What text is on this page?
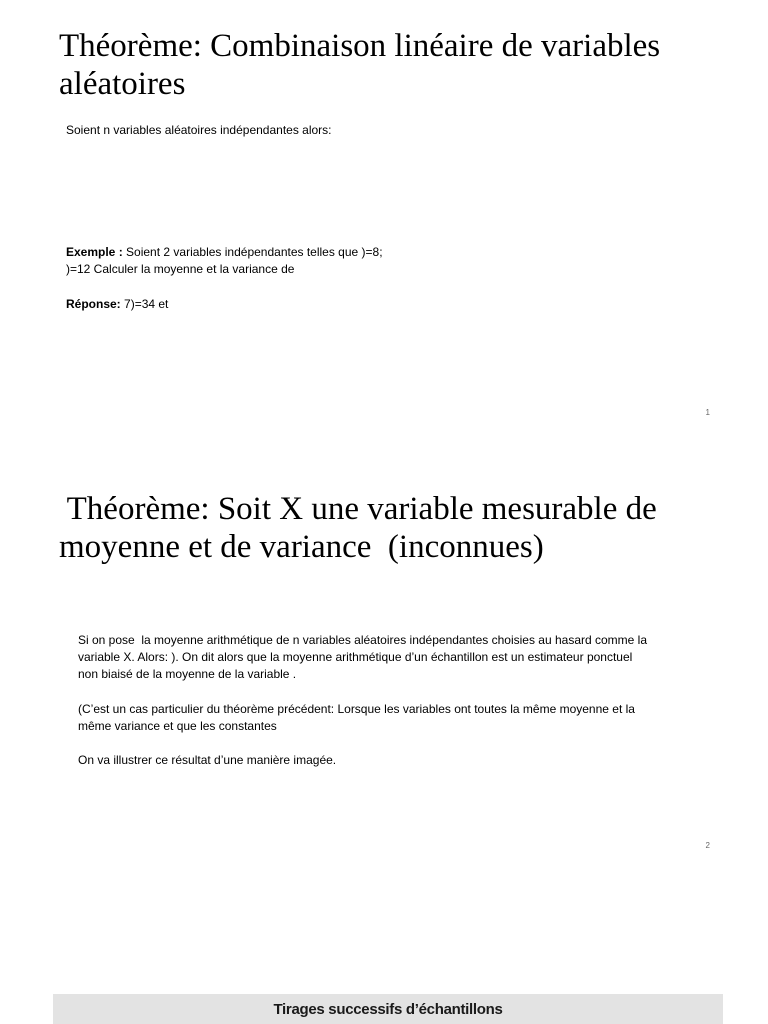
Théorème: Combinaison linéaire de variables
aléatoires

Soient n variables aléatoires indépendantes alors:

Exemple : Soient 2 variables indépendantes telles que )=8;

)=12 Calculer la moyenne et la variance de

Réponse: 7)=34 et

1
Théorème: Soit X une variable mesurable de
moyenne et de variance  (inconnues)

Si on pose  la moyenne arithmétique de n variables aléatoires indépendantes choisies au hasard comme la

variable X. Alors: ). On dit alors que la moyenne arithmétique d’un échantillon est un estimateur ponctuel

non biaisé de la moyenne de la variable .

(C’est un cas particulier du théorème précédent: Lorsque les variables ont toutes la même moyenne et la

même variance et que les constantes

On va illustrer ce résultat d’une manière imagée.

2
Tirages successifs d’échantillons
